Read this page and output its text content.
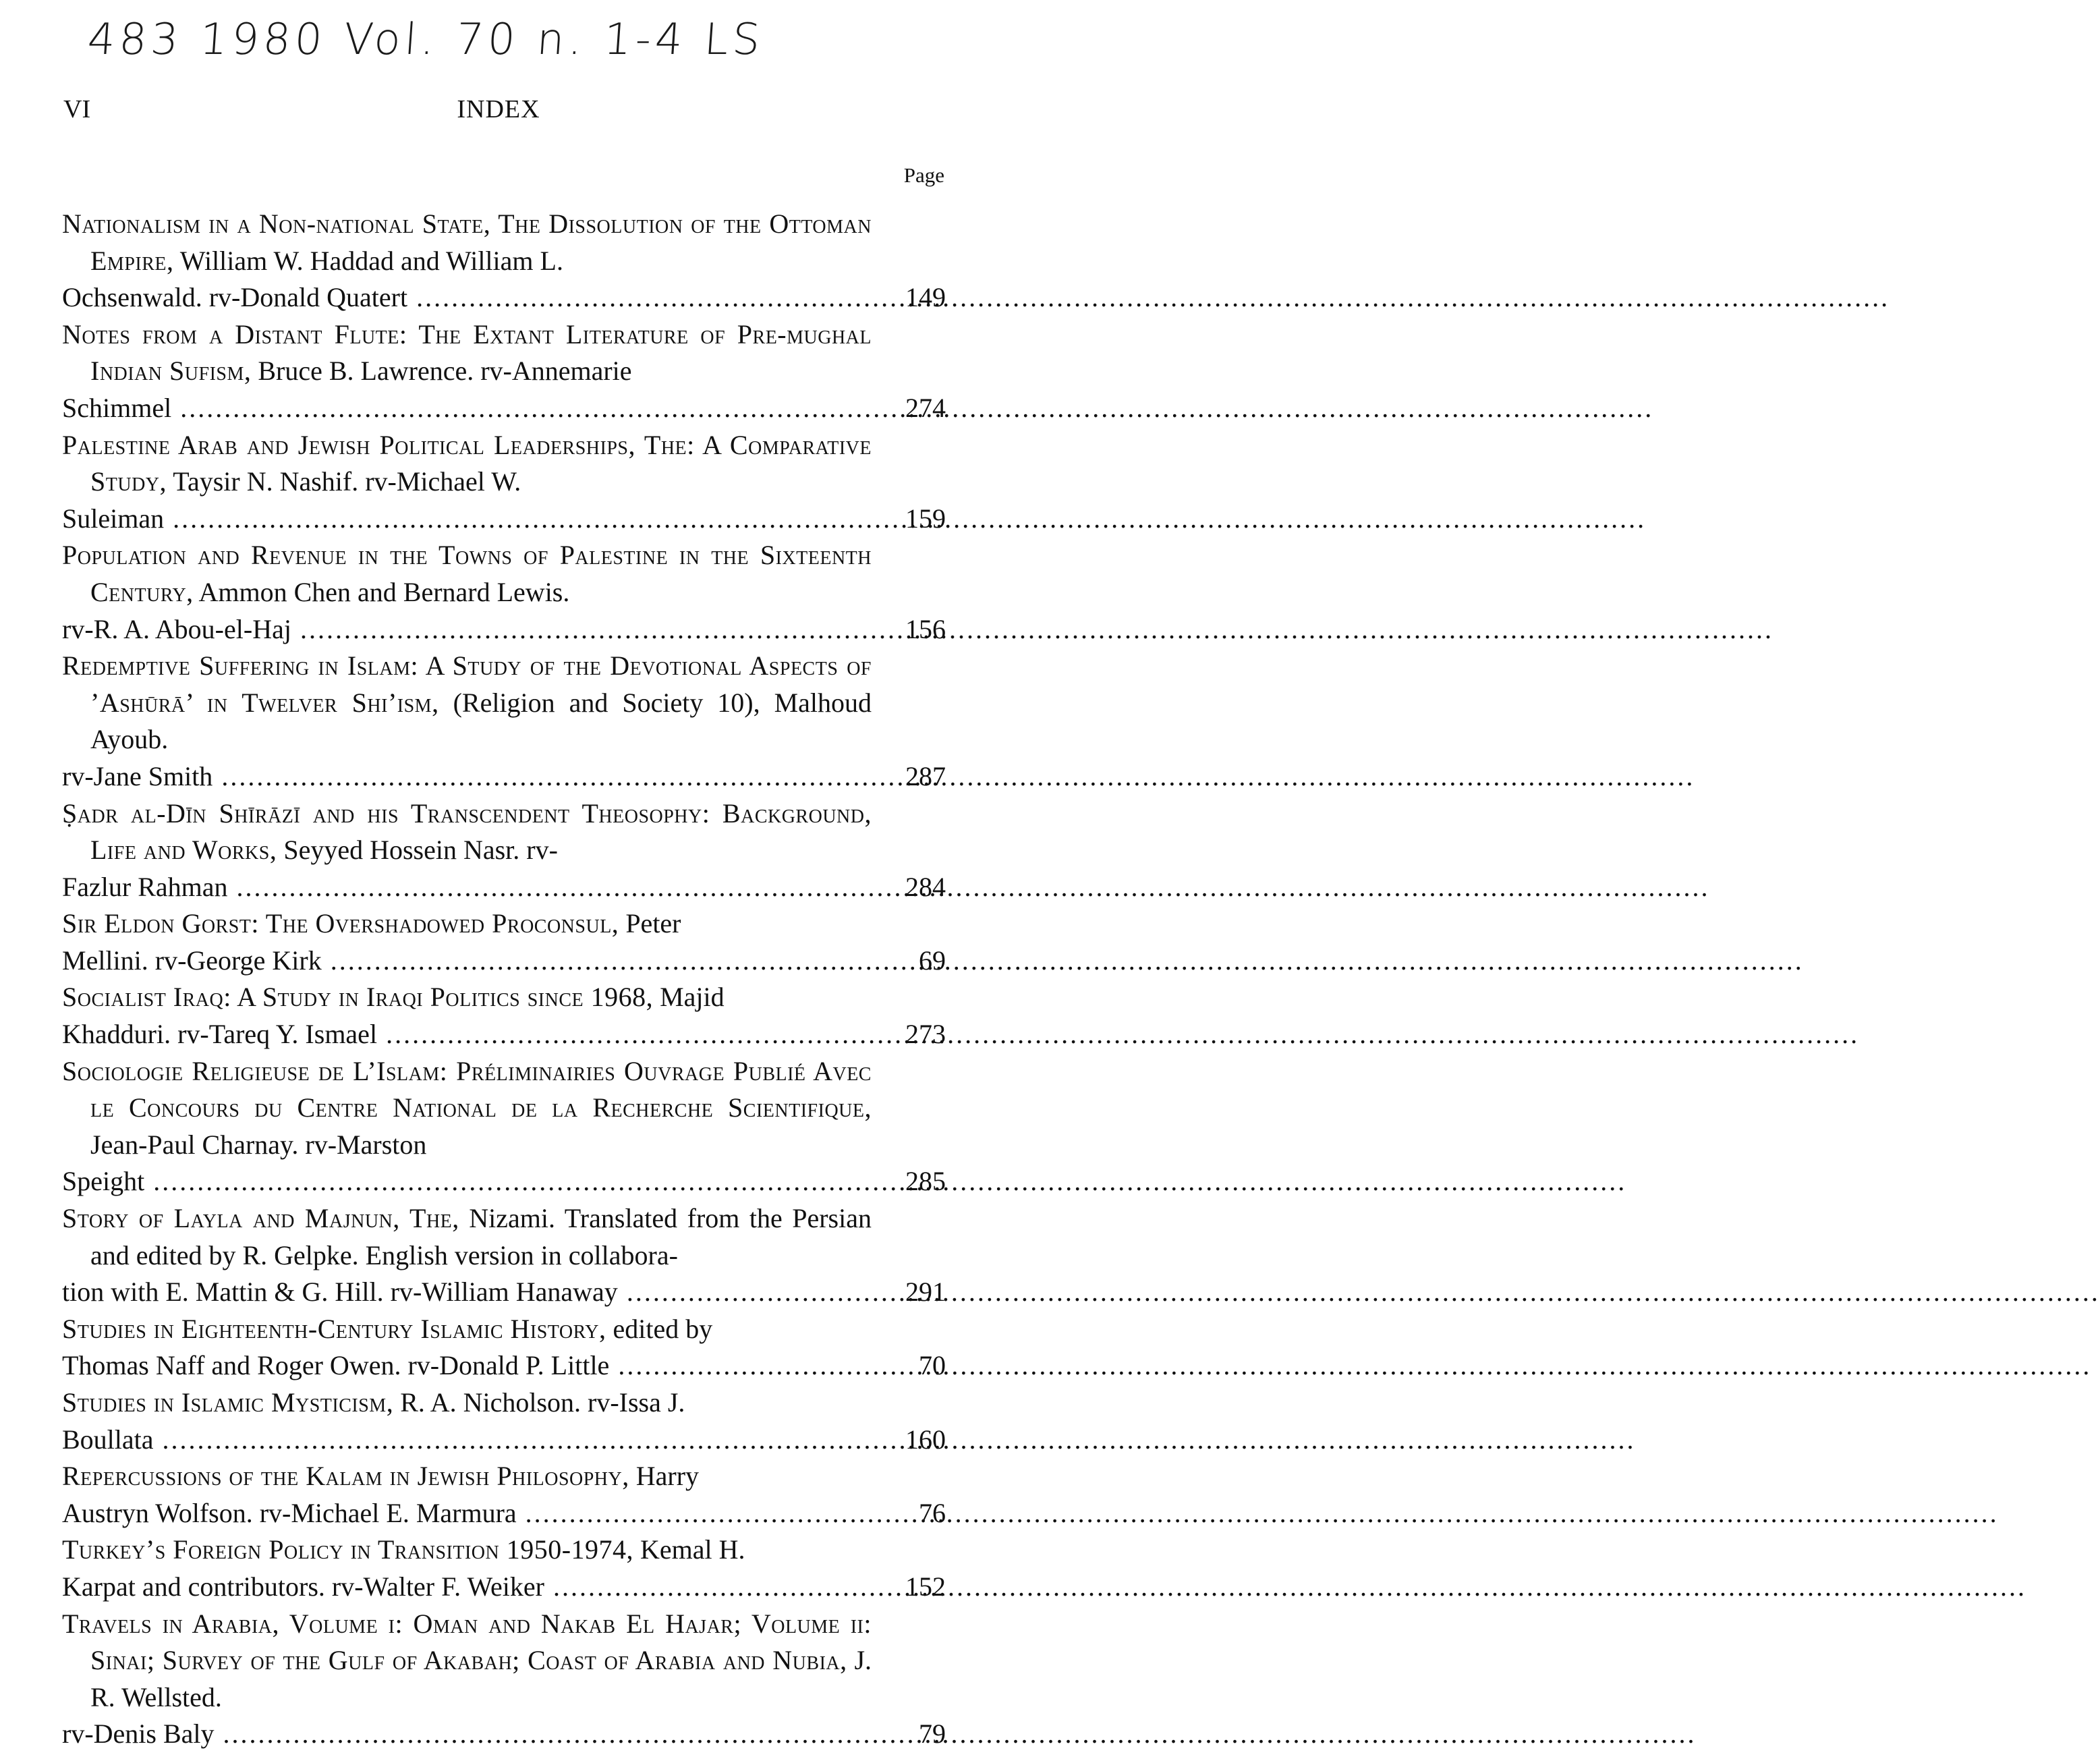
483 1980 Vol. 70 n. 1-4 LS
VI	INDEX
Page
Nationalism in a Non-national State, The Dissolution of the Ottoman Empire, William W. Haddad and William L.
Ochsenwald. rv-Donald Quatert .....	149
Notes from a Distant Flute: The Extant Literature of Pre-mughal Indian Sufism, Bruce B. Lawrence. rv-Annemarie
Schimmel .....	274
Palestine Arab and Jewish Political Leaderships, The: A Comparative Study, Taysir N. Nashif. rv-Michael W.
Suleiman .....	159
Population and Revenue in the Towns of Palestine in the Sixteenth Century, Ammon Chen and Bernard Lewis.
rv-R. A. Abou-el-Haj .....	156
Redemptive Suffering in Islam: A Study of the Devotional Aspects of ’Ashūrā’ in Twelver Shi’ism, (Religion and Society 10), Malhoud Ayoub.
rv-Jane Smith .....	287
Ṣadr al-Dīn Shīrāzī and his Transcendent Theosophy: Background, Life and Works, Seyyed Hossein Nasr. rv-
Fazlur Rahman .....	284
Sir Eldon Gorst: The Overshadowed Proconsul, Peter
Mellini. rv-George Kirk .....	69
Socialist Iraq: A Study in Iraqi Politics since 1968, Majid
Khadduri. rv-Tareq Y. Ismael .....	273
Sociologie Religieuse de L’Islam: Préliminairies Ouvrage Publié Avec le Concours du Centre National de la Recherche Scientifique, Jean-Paul Charnay. rv-Marston
Speight .....	285
Story of Layla and Majnun, The, Nizami. Translated from the Persian and edited by R. Gelpke. English version in collabora-
tion with E. Mattin & G. Hill. rv-William Hanaway .....	291
Studies in Eighteenth-Century Islamic History, edited by
Thomas Naff and Roger Owen. rv-Donald P. Little .....	70
Studies in Islamic Mysticism, R. A. Nicholson. rv-Issa J.
Boullata .....	160
Repercussions of the Kalam in Jewish Philosophy, Harry
Austryn Wolfson. rv-Michael E. Marmura .....	76
Turkey’s Foreign Policy in Transition 1950-1974, Kemal H.
Karpat and contributors. rv-Walter F. Weiker .....	152
Travels in Arabia, Volume i: Oman and Nakab El Hajar; Volume ii: Sinai; Survey of the Gulf of Akabah; Coast of Arabia and Nubia, J. R. Wellsted.
rv-Denis Baly .....	79
